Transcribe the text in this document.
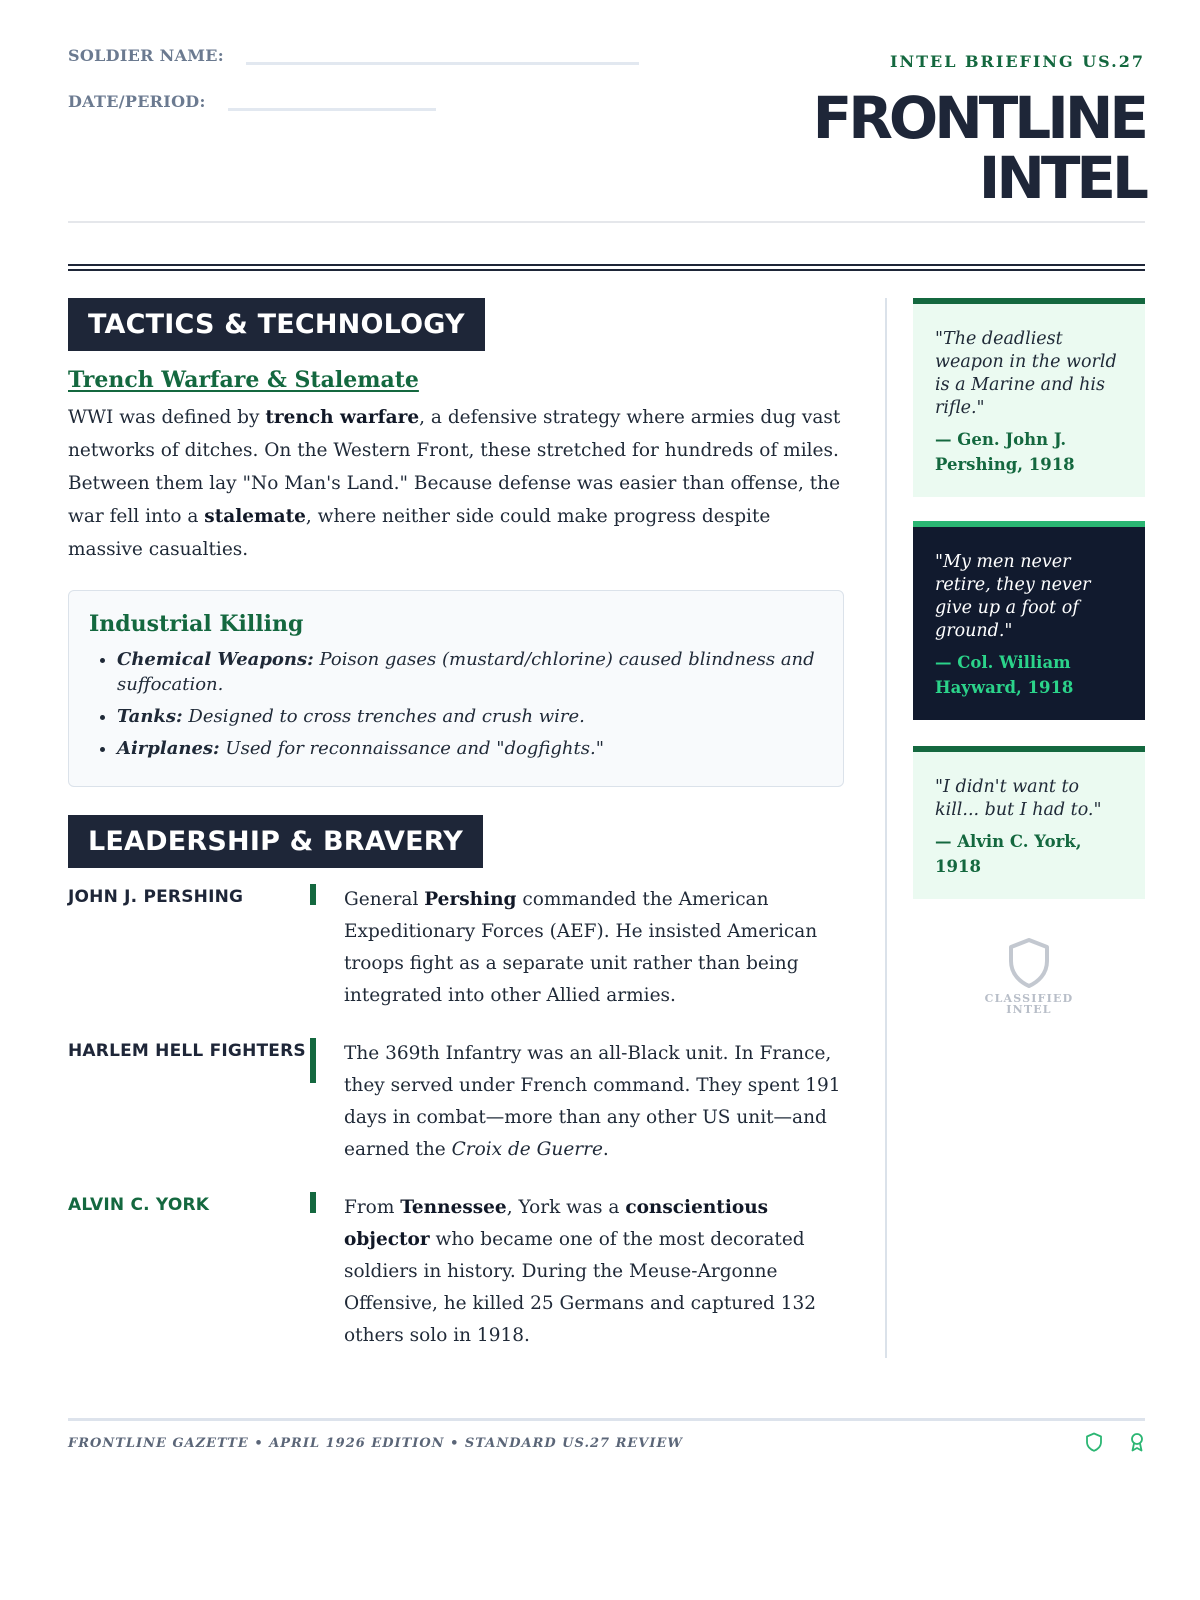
SOLDIER NAME:
DATE/PERIOD:
INTEL BRIEFING US.27
FRONTLINE
INTEL
TACTICS & TECHNOLOGY
Trench Warfare & Stalemate
WWI was defined by trench warfare, a defensive strategy where armies dug vast networks of ditches. On the Western Front, these stretched for hundreds of miles. Between them lay "No Man's Land." Because defense was easier than offense, the war fell into a stalemate, where neither side could make progress despite massive casualties.
Industrial Killing
• Chemical Weapons: Poison gases (mustard/chlorine) caused blindness and suffocation.
• Tanks: Designed to cross trenches and crush wire.
• Airplanes: Used for reconnaissance and "dogfights."
LEADERSHIP & BRAVERY
JOHN J. PERSHING	General Pershing commanded the American Expeditionary Forces (AEF). He insisted American troops fight as a separate unit rather than being integrated into other Allied armies.
HARLEM HELL FIGHTERS The 369th Infantry was an all-Black unit. In France, they served under French command. They spent 191 days in combat—more than any other US unit—and earned the Croix de Guerre.
ALVIN C. YORK	From Tennessee, York was a conscientious objector who became one of the most decorated soldiers in history. During the Meuse-Argonne Offensive, he killed 25 Germans and captured 132 others solo in 1918.
"The deadliest weapon in the world is a Marine and his rifle."
— Gen. John J. Pershing, 1918
"My men never retire, they never give up a foot of ground."
— Col. William Hayward, 1918
"I didn't want to kill... but I had to."
— Alvin C. York, 1918
CLASSIFIED
INTEL
FRONTLINE GAZETTE • APRIL 1926 EDITION • STANDARD US.27 REVIEW
